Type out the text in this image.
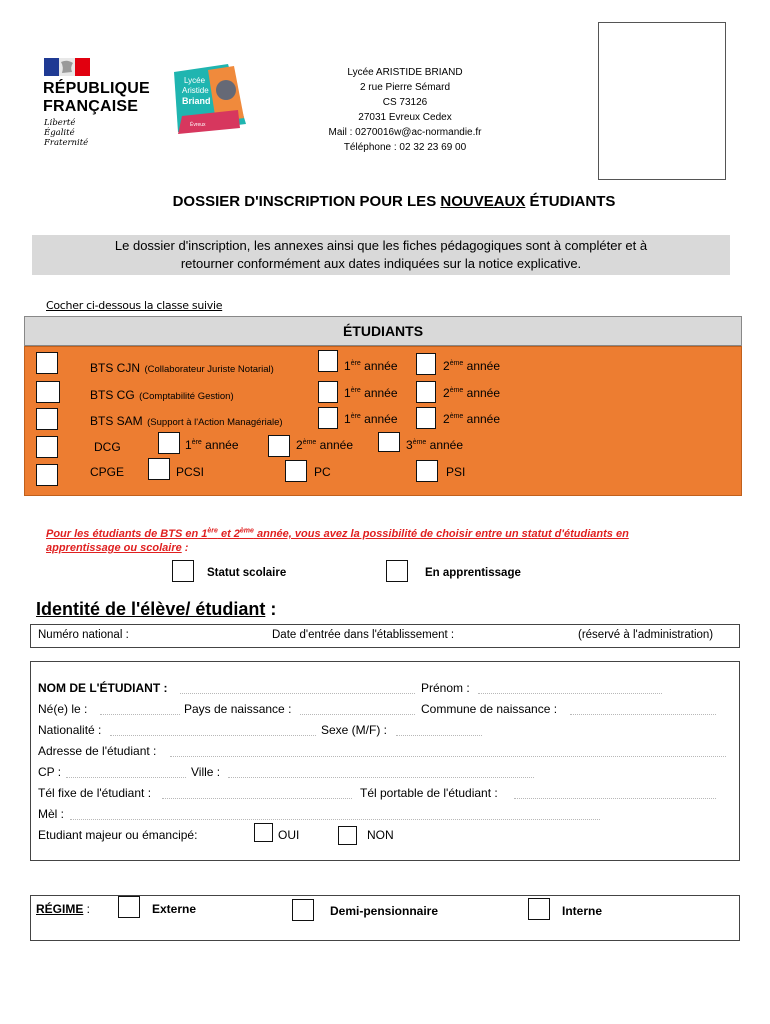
RÉPUBLIQUE
FRANÇAISE
Liberté
Égalité
Fraternité
Lycée
Aristide
Briand
Évreux
Lycée ARISTIDE BRIAND
2 rue Pierre Sémard
CS 73126
27031 Evreux Cedex
Mail : 0270016w@ac-normandie.fr
Téléphone : 02 32 23 69 00
DOSSIER D'INSCRIPTION POUR LES NOUVEAUX ÉTUDIANTS
Le dossier d'inscription, les annexes ainsi que les fiches pédagogiques sont à compléter et à
retourner conformément aux dates indiquées sur la notice explicative.
Cocher ci-dessous la classe suivie
ÉTUDIANTS
BTS CJN (Collaborateur Juriste Notarial)	1ère année	2ème année
BTS CG (Comptabilité Gestion)	1ère année	2ème année
BTS SAM (Support à l'Action Managériale)	1ère année	2ème année
DCG	1ère année	2ème année	3ème année
CPGE	PCSI	PC	PSI
Pour les étudiants de BTS en 1ère et 2ème année, vous avez la possibilité de choisir entre un statut d'étudiants en
apprentissage ou scolaire :
Statut scolaire	En apprentissage
Identité de l'élève/ étudiant :
Numéro national :	Date d'entrée dans l'établissement :	(réservé à l'administration)
NOM DE L'ÉTUDIANT :	Prénom :
Né(e) le :	Pays de naissance :	Commune de naissance :
Nationalité :	Sexe (M/F) :
Adresse de l'étudiant :
CP :	Ville :
Tél fixe de l'étudiant :	Tél portable de l'étudiant :
Mèl :
Etudiant majeur ou émancipé:	OUI	NON
RÉGIME :	Externe	Demi-pensionnaire	Interne
